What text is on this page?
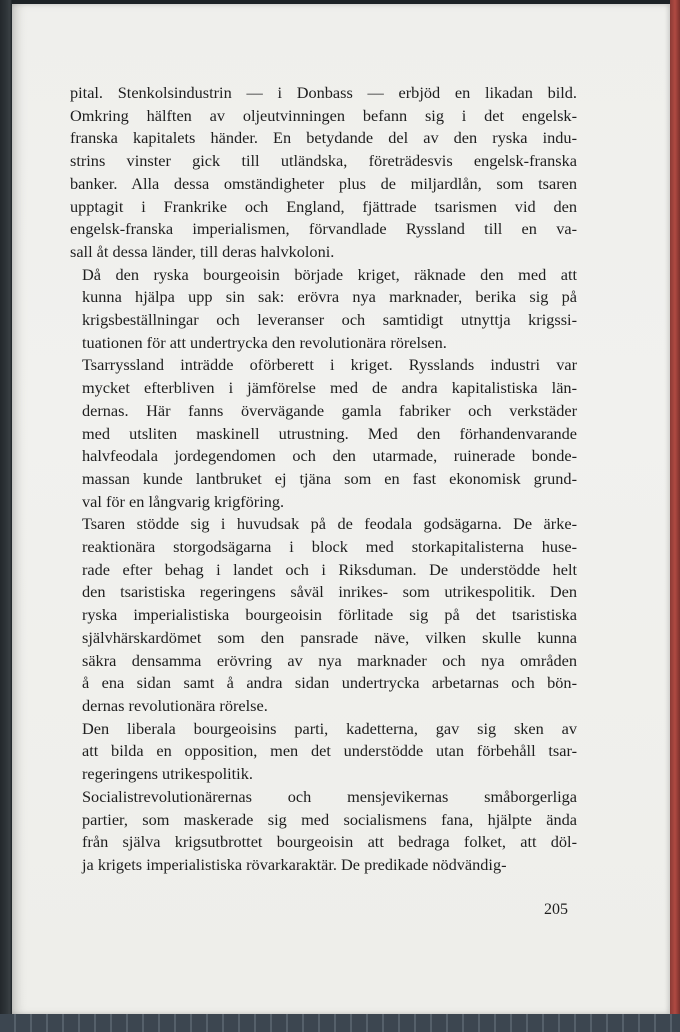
pital. Stenkolsindustrin — i Donbass — erbjöd en likadan bild.
Omkring hälften av oljeutvinningen befann sig i det engelsk-
franska kapitalets händer. En betydande del av den ryska indu-
strins vinster gick till utländska, företrädesvis engelsk-franska
banker. Alla dessa omständigheter plus de miljardlån, som tsaren
upptagit i Frankrike och England, fjättrade tsarismen vid den
engelsk-franska imperialismen, förvandlade Ryssland till en va-
sall åt dessa länder, till deras halvkoloni.

Då den ryska bourgeoisin började kriget, räknade den med att
kunna hjälpa upp sin sak: erövra nya marknader, berika sig på
krigsbeställningar och leveranser och samtidigt utnyttja krigssi-
tuationen för att undertrycka den revolutionära rörelsen.

Tsarryssland inträdde oförberett i kriget. Rysslands industri var
mycket efterbliven i jämförelse med de andra kapitalistiska län-
dernas. Här fanns övervägande gamla fabriker och verkstäder
med utsliten maskinell utrustning. Med den förhandenvarande
halvfeodala jordegendomen och den utarmade, ruinerade bonde-
massan kunde lantbruket ej tjäna som en fast ekonomisk grund-
val för en långvarig krigföring.

Tsaren stödde sig i huvudsak på de feodala godsägarna. De ärke-
reaktionära storgodsägarna i block med storkapitalisterna huse-
rade efter behag i landet och i Riksduman. De understödde helt
den tsaristiska regeringens såväl inrikes- som utrikespolitik. Den
ryska imperialistiska bourgeoisin förlitade sig på det tsaristiska
självhärskardömet som den pansrade näve, vilken skulle kunna
säkra densamma erövring av nya marknader och nya områden
å ena sidan samt å andra sidan undertrycka arbetarnas och bön-
dernas revolutionära rörelse.

Den liberala bourgeoisins parti, kadetterna, gav sig sken av
att bilda en opposition, men det understödde utan förbehåll tsar-
regeringens utrikespolitik.

Socialistrevolutionärernas och mensjevikernas småborgerliga
partier, som maskerade sig med socialismens fana, hjälpte ända
från själva krigsutbrottet bourgeoisin att bedraga folket, att döl-
ja krigets imperialistiska rövarkaraktär. De predikade nödvändig-

205
